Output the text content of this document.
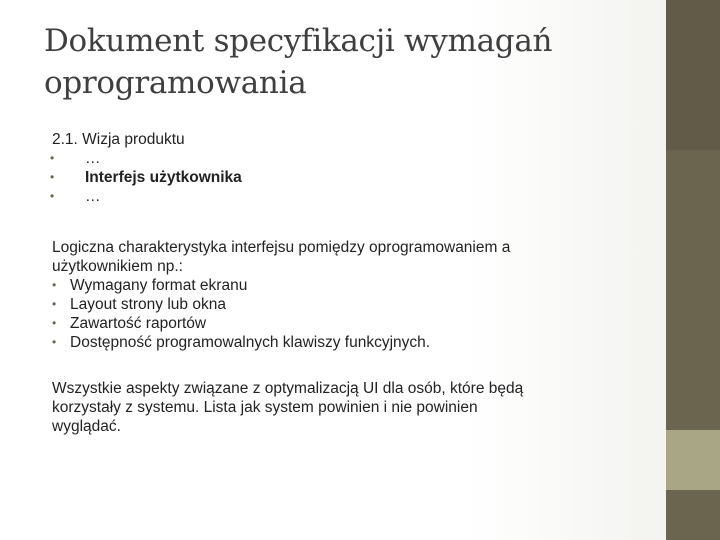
Dokument specyfikacji wymagań
oprogramowania
2.1. Wizja produktu
•	…
•	Interfejs użytkownika
•	…
Logiczna charakterystyka interfejsu pomiędzy oprogramowaniem a
użytkownikiem np.:
• Wymagany format ekranu
• Layout strony lub okna
• Zawartość raportów
• Dostępność programowalnych klawiszy funkcyjnych.
Wszystkie aspekty związane z optymalizacją UI dla osób, które będą
korzystały z systemu. Lista jak system powinien i nie powinien
wyglądać.
